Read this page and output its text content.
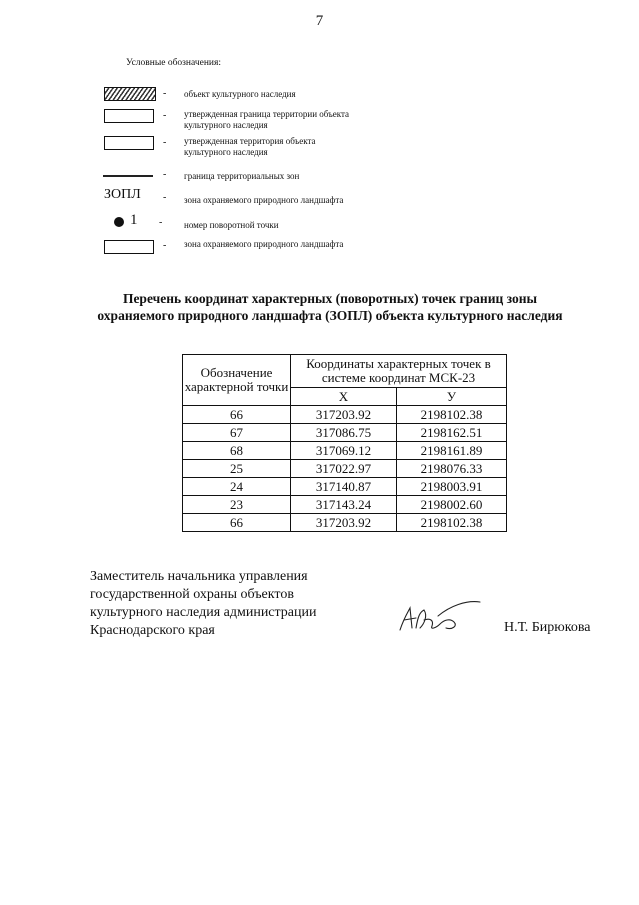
7
Условные обозначения:
- объект культурного наследия
- утвержденная граница территории объекта культурного наследия
- утвержденная территория объекта культурного наследия
- граница территориальных зон
ЗОПЛ - зона охраняемого природного ландшафта
1 - номер поворотной точки
- зона охраняемого природного ландшафта
Перечень координат характерных (поворотных) точек границ зоны охраняемого природного ландшафта (ЗОПЛ) объекта культурного наследия
Обозначение характерной точки	Координаты характерных точек в системе координат МСК-23	
	X	У
66	317203.92	2198102.38
67	317086.75	2198162.51
68	317069.12	2198161.89
25	317022.97	2198076.33
24	317140.87	2198003.91
23	317143.24	2198002.60
66	317203.92	2198102.38
Заместитель начальника управления
государственной охраны объектов
культурного наследия администрации
Краснодарского края	Н.Т. Бирюкова
